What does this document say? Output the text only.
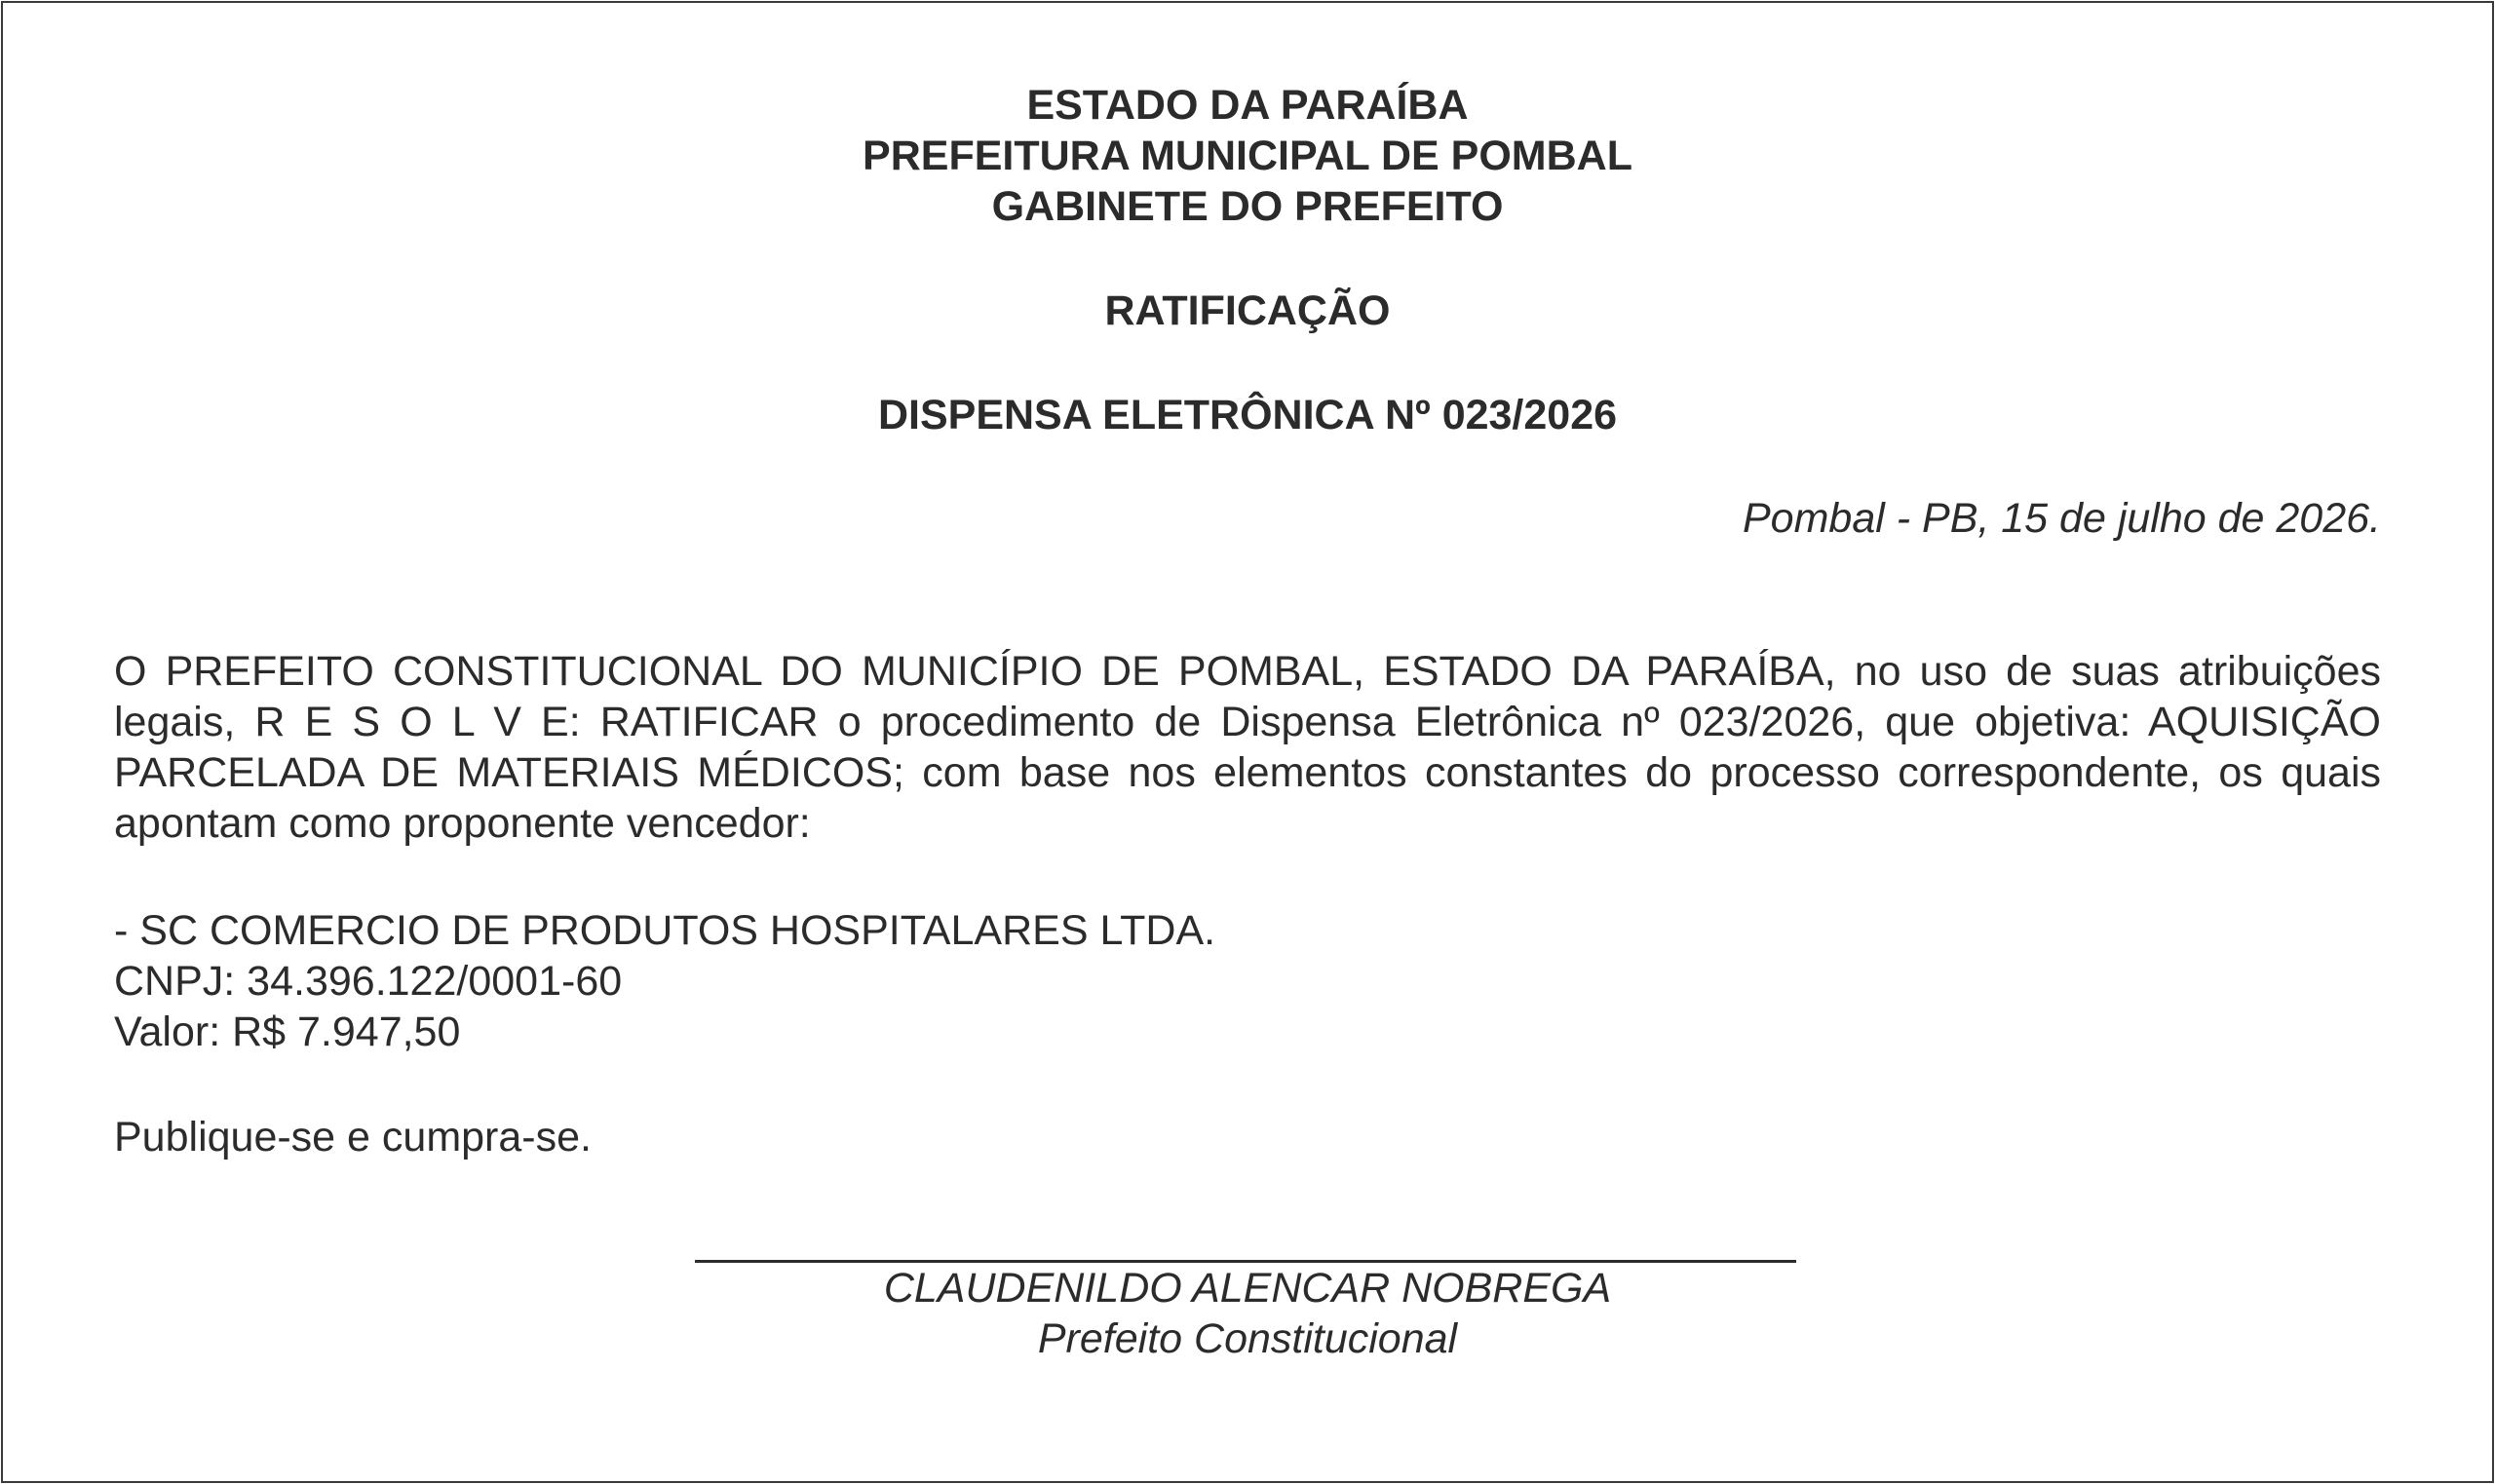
ESTADO DA PARAÍBA
PREFEITURA MUNICIPAL DE POMBAL
GABINETE DO PREFEITO
RATIFICAÇÃO
DISPENSA ELETRÔNICA Nº 023/2026
Pombal - PB, 15 de julho de 2026.
O PREFEITO CONSTITUCIONAL DO MUNICÍPIO DE POMBAL, ESTADO DA PARAÍBA, no uso de suas atribuições legais, R E S O L V E: RATIFICAR o procedimento de Dispensa Eletrônica nº 023/2026, que objetiva: AQUISIÇÃO PARCELADA DE MATERIAIS MÉDICOS; com base nos elementos constantes do processo correspondente, os quais apontam como proponente vencedor:
- SC COMERCIO DE PRODUTOS HOSPITALARES LTDA.
CNPJ: 34.396.122/0001-60
Valor: R$ 7.947,50
Publique-se e cumpra-se.
CLAUDENILDO ALENCAR NOBREGA
Prefeito Constitucional
